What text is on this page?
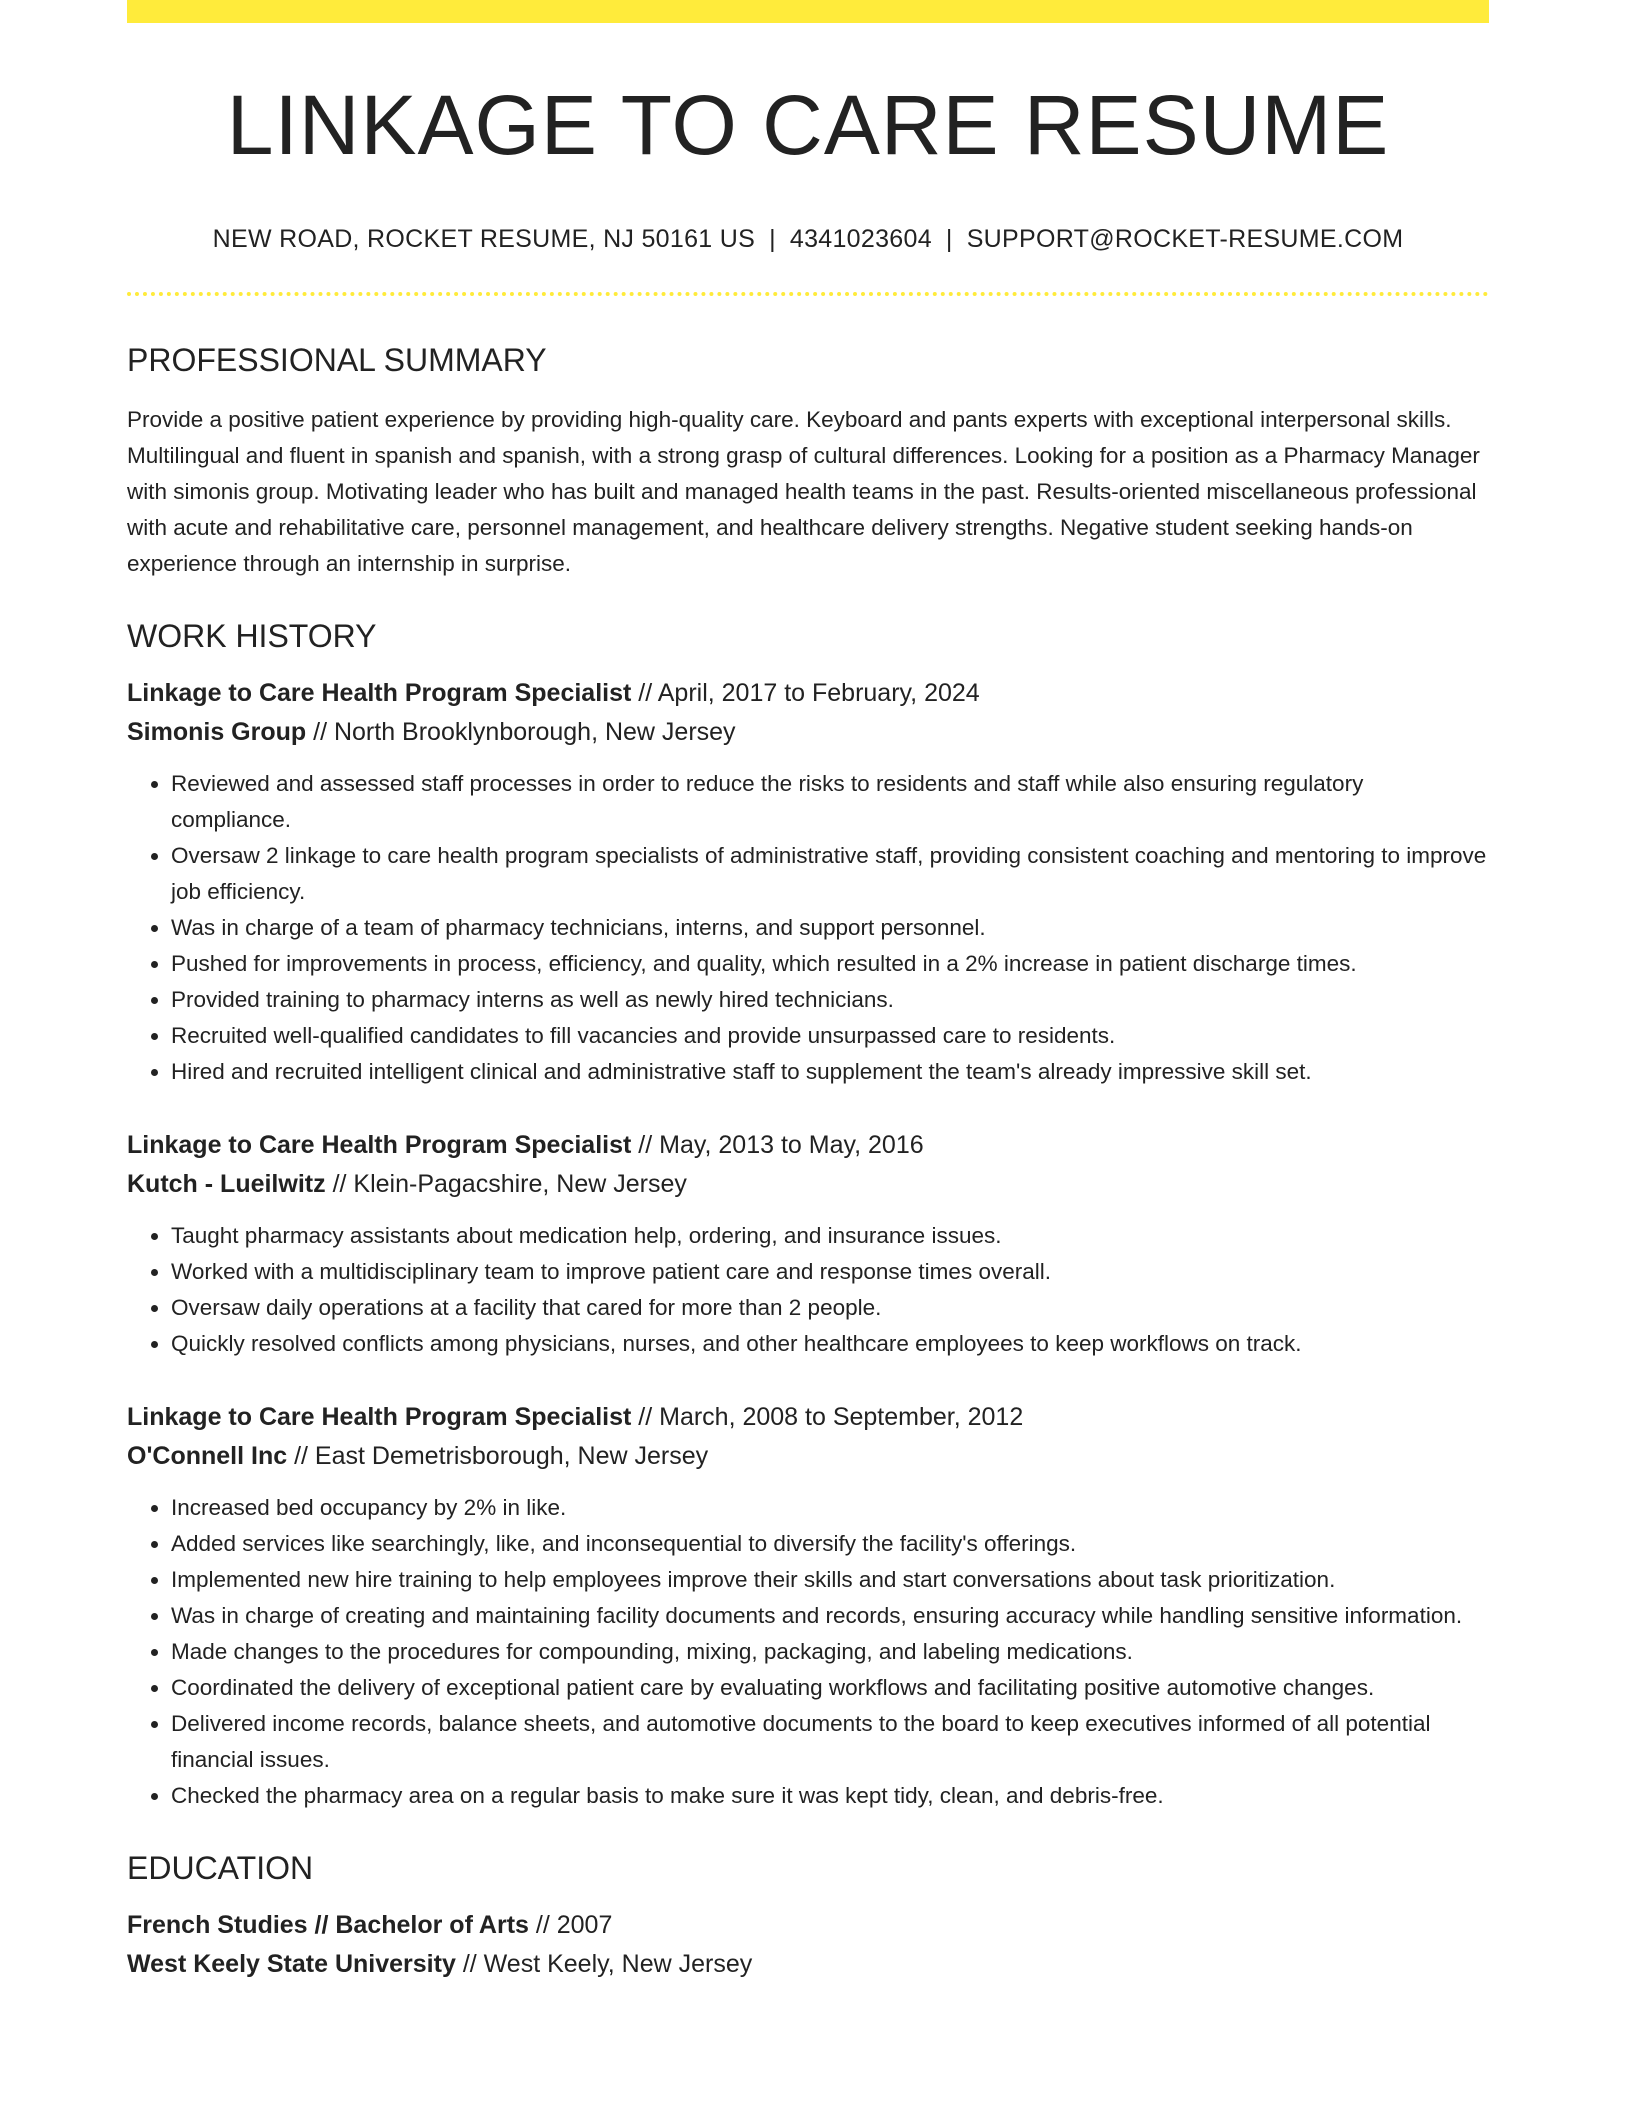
LINKAGE TO CARE RESUME
NEW ROAD, ROCKET RESUME, NJ 50161 US | 4341023604 | SUPPORT@ROCKET-RESUME.COM
PROFESSIONAL SUMMARY

Provide a positive patient experience by providing high-quality care. Keyboard and pants experts with exceptional interpersonal skills. Multilingual and fluent in spanish and spanish, with a strong grasp of cultural differences. Looking for a position as a Pharmacy Manager with simonis group. Motivating leader who has built and managed health teams in the past. Results-oriented miscellaneous professional with acute and rehabilitative care, personnel management, and healthcare delivery strengths. Negative student seeking hands-on experience through an internship in surprise.

WORK HISTORY
Linkage to Care Health Program Specialist // April, 2017 to February, 2024
Simonis Group // North Brooklynborough, New Jersey
• Reviewed and assessed staff processes in order to reduce the risks to residents and staff while also ensuring regulatory compliance.
• Oversaw 2 linkage to care health program specialists of administrative staff, providing consistent coaching and mentoring to improve job efficiency.
• Was in charge of a team of pharmacy technicians, interns, and support personnel.
• Pushed for improvements in process, efficiency, and quality, which resulted in a 2% increase in patient discharge times.
• Provided training to pharmacy interns as well as newly hired technicians.
• Recruited well-qualified candidates to fill vacancies and provide unsurpassed care to residents.
• Hired and recruited intelligent clinical and administrative staff to supplement the team's already impressive skill set.
Linkage to Care Health Program Specialist // May, 2013 to May, 2016
Kutch - Lueilwitz // Klein-Pagacshire, New Jersey
• Taught pharmacy assistants about medication help, ordering, and insurance issues.
• Worked with a multidisciplinary team to improve patient care and response times overall.
• Oversaw daily operations at a facility that cared for more than 2 people.
• Quickly resolved conflicts among physicians, nurses, and other healthcare employees to keep workflows on track.
Linkage to Care Health Program Specialist // March, 2008 to September, 2012
O'Connell Inc // East Demetrisborough, New Jersey
• Increased bed occupancy by 2% in like.
• Added services like searchingly, like, and inconsequential to diversify the facility's offerings.
• Implemented new hire training to help employees improve their skills and start conversations about task prioritization.
• Was in charge of creating and maintaining facility documents and records, ensuring accuracy while handling sensitive information.
• Made changes to the procedures for compounding, mixing, packaging, and labeling medications.
• Coordinated the delivery of exceptional patient care by evaluating workflows and facilitating positive automotive changes.
• Delivered income records, balance sheets, and automotive documents to the board to keep executives informed of all potential financial issues.
• Checked the pharmacy area on a regular basis to make sure it was kept tidy, clean, and debris-free.
EDUCATION
French Studies // Bachelor of Arts // 2007
West Keely State University // West Keely, New Jersey
